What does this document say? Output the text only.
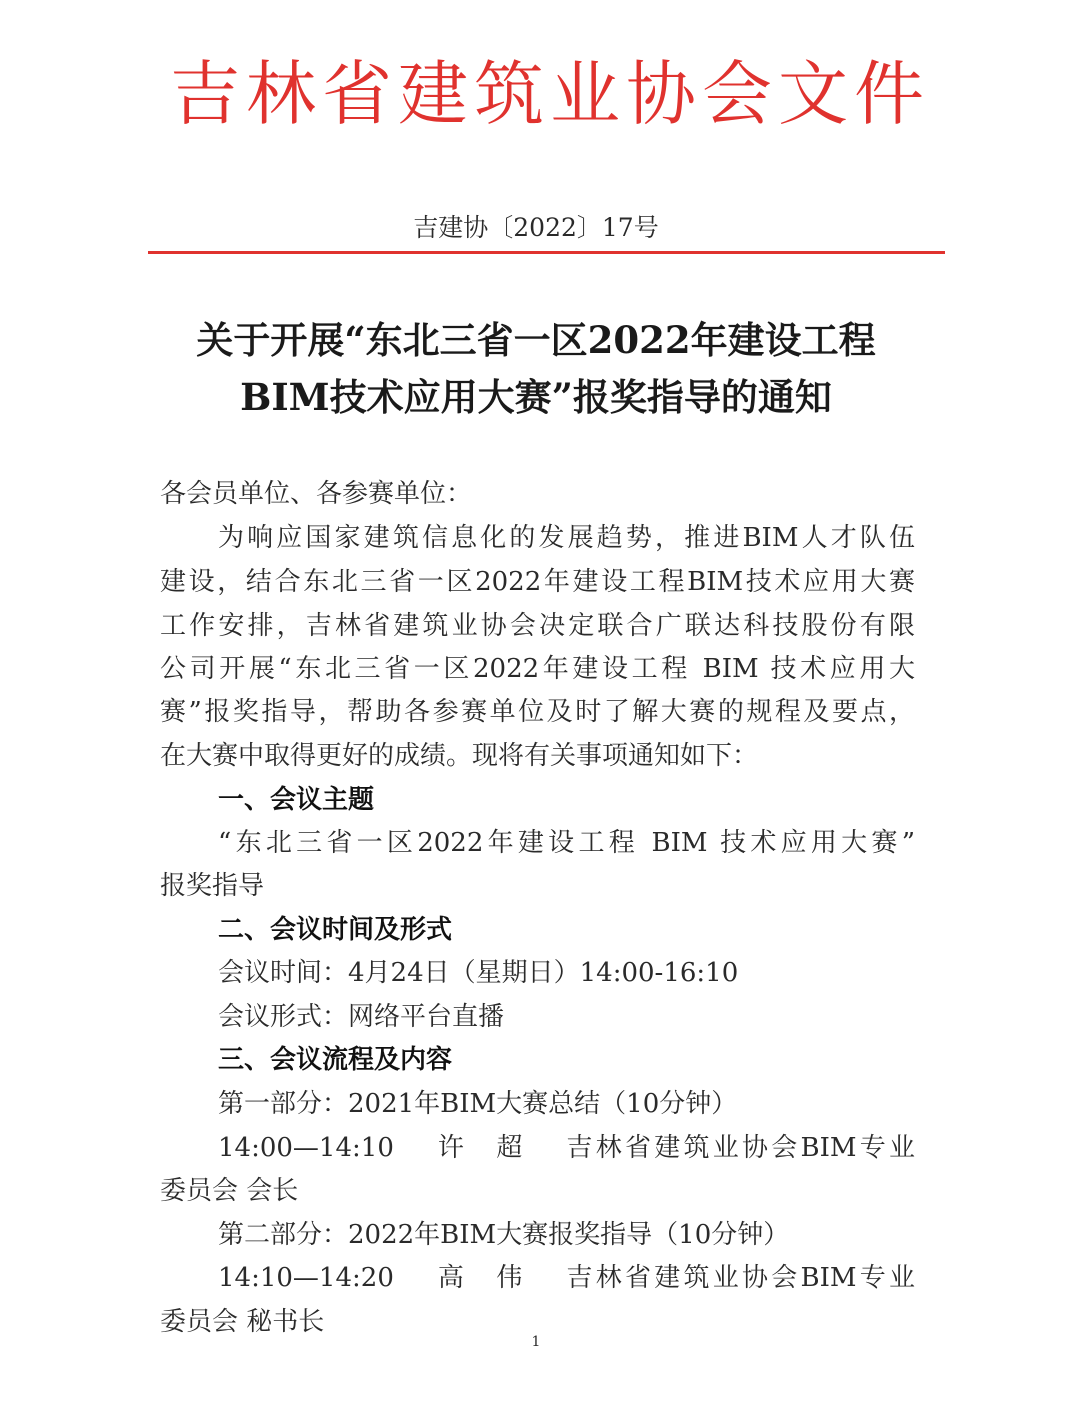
吉林省建筑业协会文件
吉建协〔2022〕17号
关于开展“东北三省一区2022年建设工程
BIM技术应用大赛”报奖指导的通知
各会员单位、各参赛单位：
为响应国家建筑信息化的发展趋势，推进BIM人才队伍
建设，结合东北三省一区2022年建设工程BIM技术应用大赛
工作安排，吉林省建筑业协会决定联合广联达科技股份有限
公司开展“东北三省一区2022年建设工程 BIM 技术应用大
赛”报奖指导，帮助各参赛单位及时了解大赛的规程及要点，
在大赛中取得更好的成绩。现将有关事项通知如下：
一、会议主题
“东北三省一区2022年建设工程 BIM 技术应用大赛”
报奖指导
二、会议时间及形式
会议时间：4月24日（星期日）14:00-16:10
会议形式：网络平台直播
三、会议流程及内容
第一部分：2021年BIM大赛总结（10分钟）
14:00—14:10　 许　超　 吉林省建筑业协会BIM专业
委员会 会长
第二部分：2022年BIM大赛报奖指导（10分钟）
14:10—14:20　 高　伟　 吉林省建筑业协会BIM专业
委员会 秘书长
1
